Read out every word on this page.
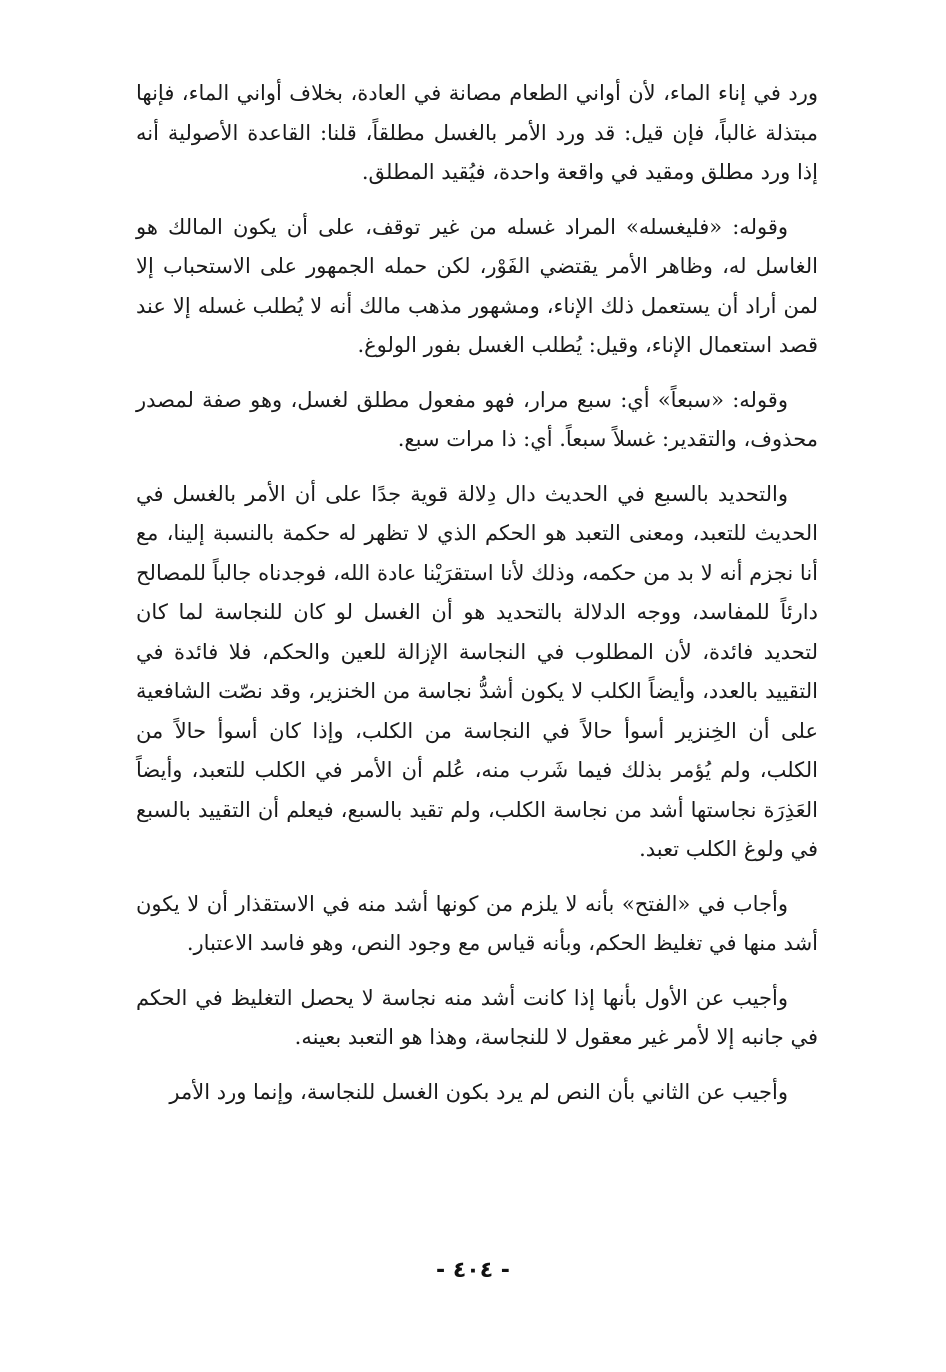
ورد في إناء الماء، لأن أواني الطعام مصانة في العادة، بخلاف أواني الماء، فإنها مبتذلة غالباً، فإن قيل: قد ورد الأمر بالغسل مطلقاً، قلنا: القاعدة الأصولية أنه إذا ورد مطلق ومقيد في واقعة واحدة، فيُقيد المطلق.

وقوله: «فليغسله» المراد غسله من غير توقف، على أن يكون المالك هو الغاسل له، وظاهر الأمر يقتضي الفَوْر، لكن حمله الجمهور على الاستحباب إلا لمن أراد أن يستعمل ذلك الإناء، ومشهور مذهب مالك أنه لا يُطلب غسله إلا عند قصد استعمال الإناء، وقيل: يُطلب الغسل بفور الولوغ.

وقوله: «سبعاً» أي: سبع مرار، فهو مفعول مطلق لغسل، وهو صفة لمصدر محذوف، والتقدير: غسلاً سبعاً. أي: ذا مرات سبع.

والتحديد بالسبع في الحديث دال دِلالة قوية جدًا على أن الأمر بالغسل في الحديث للتعبد، ومعنى التعبد هو الحكم الذي لا تظهر له حكمة بالنسبة إلينا، مع أنا نجزم أنه لا بد من حكمه، وذلك لأنا استقرَيْنا عادة الله، فوجدناه جالباً للمصالح دارئاً للمفاسد، ووجه الدلالة بالتحديد هو أن الغسل لو كان للنجاسة لما كان لتحديد فائدة، لأن المطلوب في النجاسة الإزالة للعين والحكم، فلا فائدة في التقييد بالعدد، وأيضاً الكلب لا يكون أشدُّ نجاسة من الخنزير، وقد نصّت الشافعية على أن الخِنزير أسوأ حالاً في النجاسة من الكلب، وإذا كان أسوأ حالاً من الكلب، ولم يُؤمر بذلك فيما شَرب منه، عُلم أن الأمر في الكلب للتعبد، وأيضاً العَذِرَة نجاستها أشد من نجاسة الكلب، ولم تقيد بالسبع، فيعلم أن التقييد بالسبع في ولوغ الكلب تعبد.

وأجاب في «الفتح» بأنه لا يلزم من كونها أشد منه في الاستقذار أن لا يكون أشد منها في تغليظ الحكم، وبأنه قياس مع وجود النص، وهو فاسد الاعتبار.

وأجيب عن الأول بأنها إذا كانت أشد منه نجاسة لا يحصل التغليظ في الحكم في جانبه إلا لأمر غير معقول لا للنجاسة، وهذا هو التعبد بعينه.

وأجيب عن الثاني بأن النص لم يرد بكون الغسل للنجاسة، وإنما ورد الأمر

- ٤٠٤ -
